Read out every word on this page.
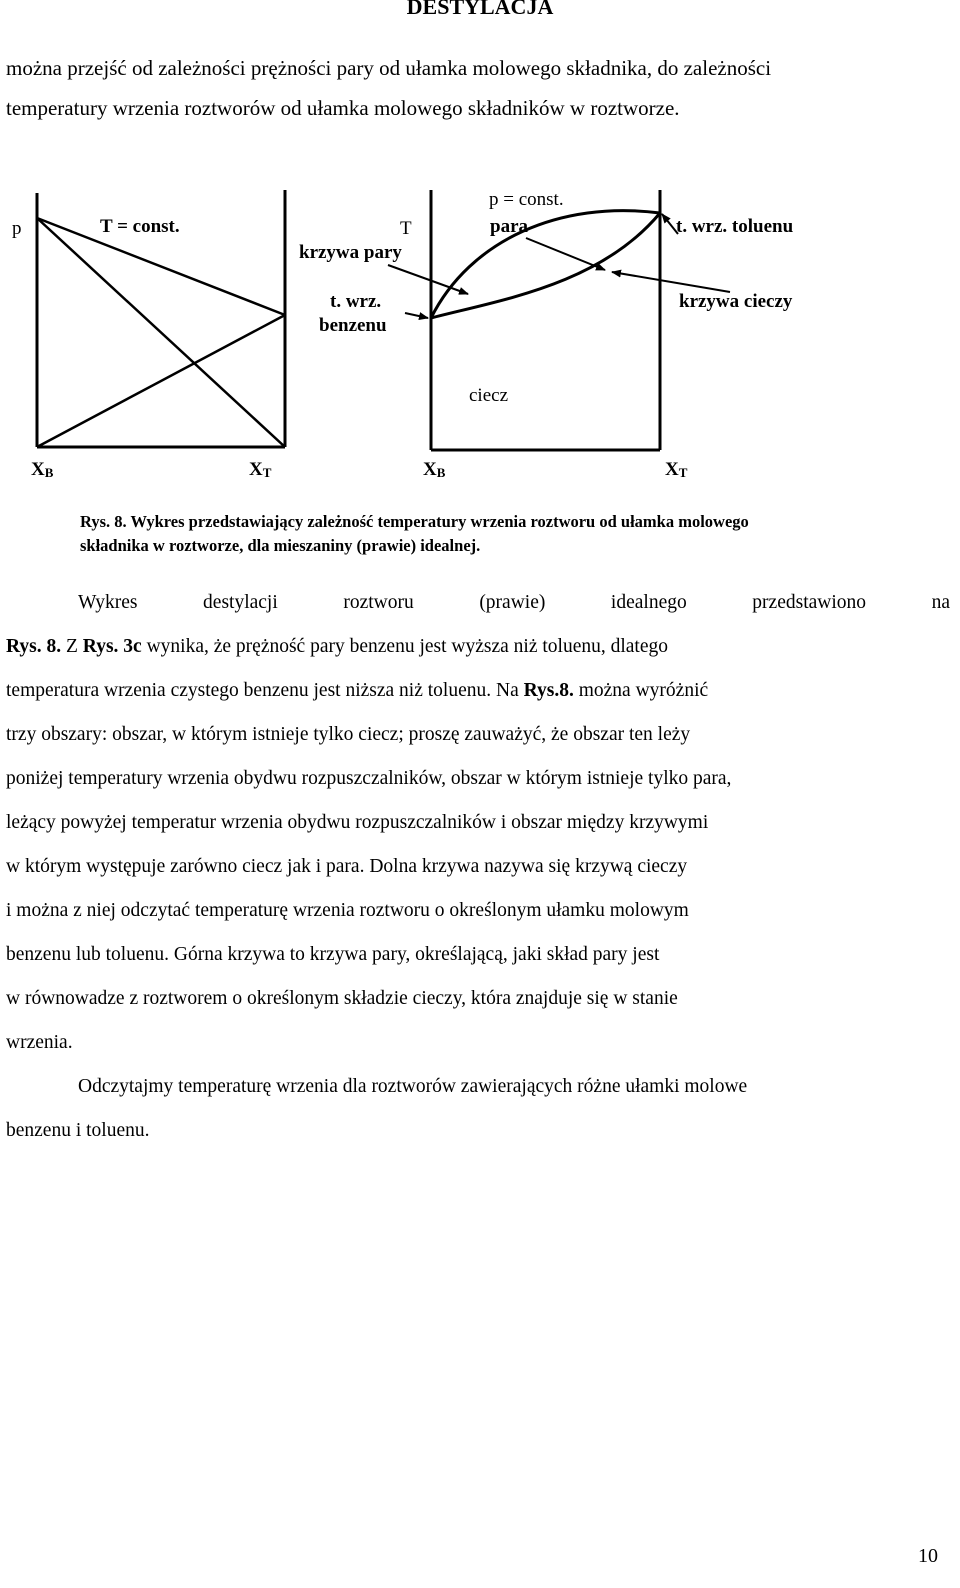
DESTYLACJA
można przejść od zależności prężności pary od ułamka molowego składnika, do zależności
temperatury wrzenia roztworów od ułamka molowego składników w roztworze.
p	T = const.
XB	XT
T
p = const.
krzywa pary
t. wrz.
benzenu
para	t. wrz. toluenu
krzywa cieczy
ciecz
XB	XT
Rys. 8. Wykres przedstawiający zależność temperatury wrzenia roztworu od ułamka molowego
składnika w roztworze, dla mieszaniny (prawie) idealnej.
Wykres	destylacji	roztworu	(prawie)	idealnego	przedstawiono	na
Rys. 8. Z Rys. 3c wynika, że prężność pary benzenu jest wyższa niż toluenu, dlatego
temperatura wrzenia czystego benzenu jest niższa niż toluenu. Na Rys.8. można wyróżnić
trzy obszary: obszar, w którym istnieje tylko ciecz; proszę zauważyć, że obszar ten leży
poniżej temperatury wrzenia obydwu rozpuszczalników, obszar w którym istnieje tylko para,
leżący powyżej temperatur wrzenia obydwu rozpuszczalników i obszar między krzywymi
w którym występuje zarówno ciecz jak i para. Dolna krzywa nazywa się krzywą cieczy
i można z niej odczytać temperaturę wrzenia roztworu o określonym ułamku molowym
benzenu lub toluenu. Górna krzywa to krzywa pary, określającą, jaki skład pary jest
w równowadze z roztworem o określonym składzie cieczy, która znajduje się w stanie
wrzenia.
Odczytajmy temperaturę wrzenia dla roztworów zawierających różne ułamki molowe
benzenu i toluenu.
10
